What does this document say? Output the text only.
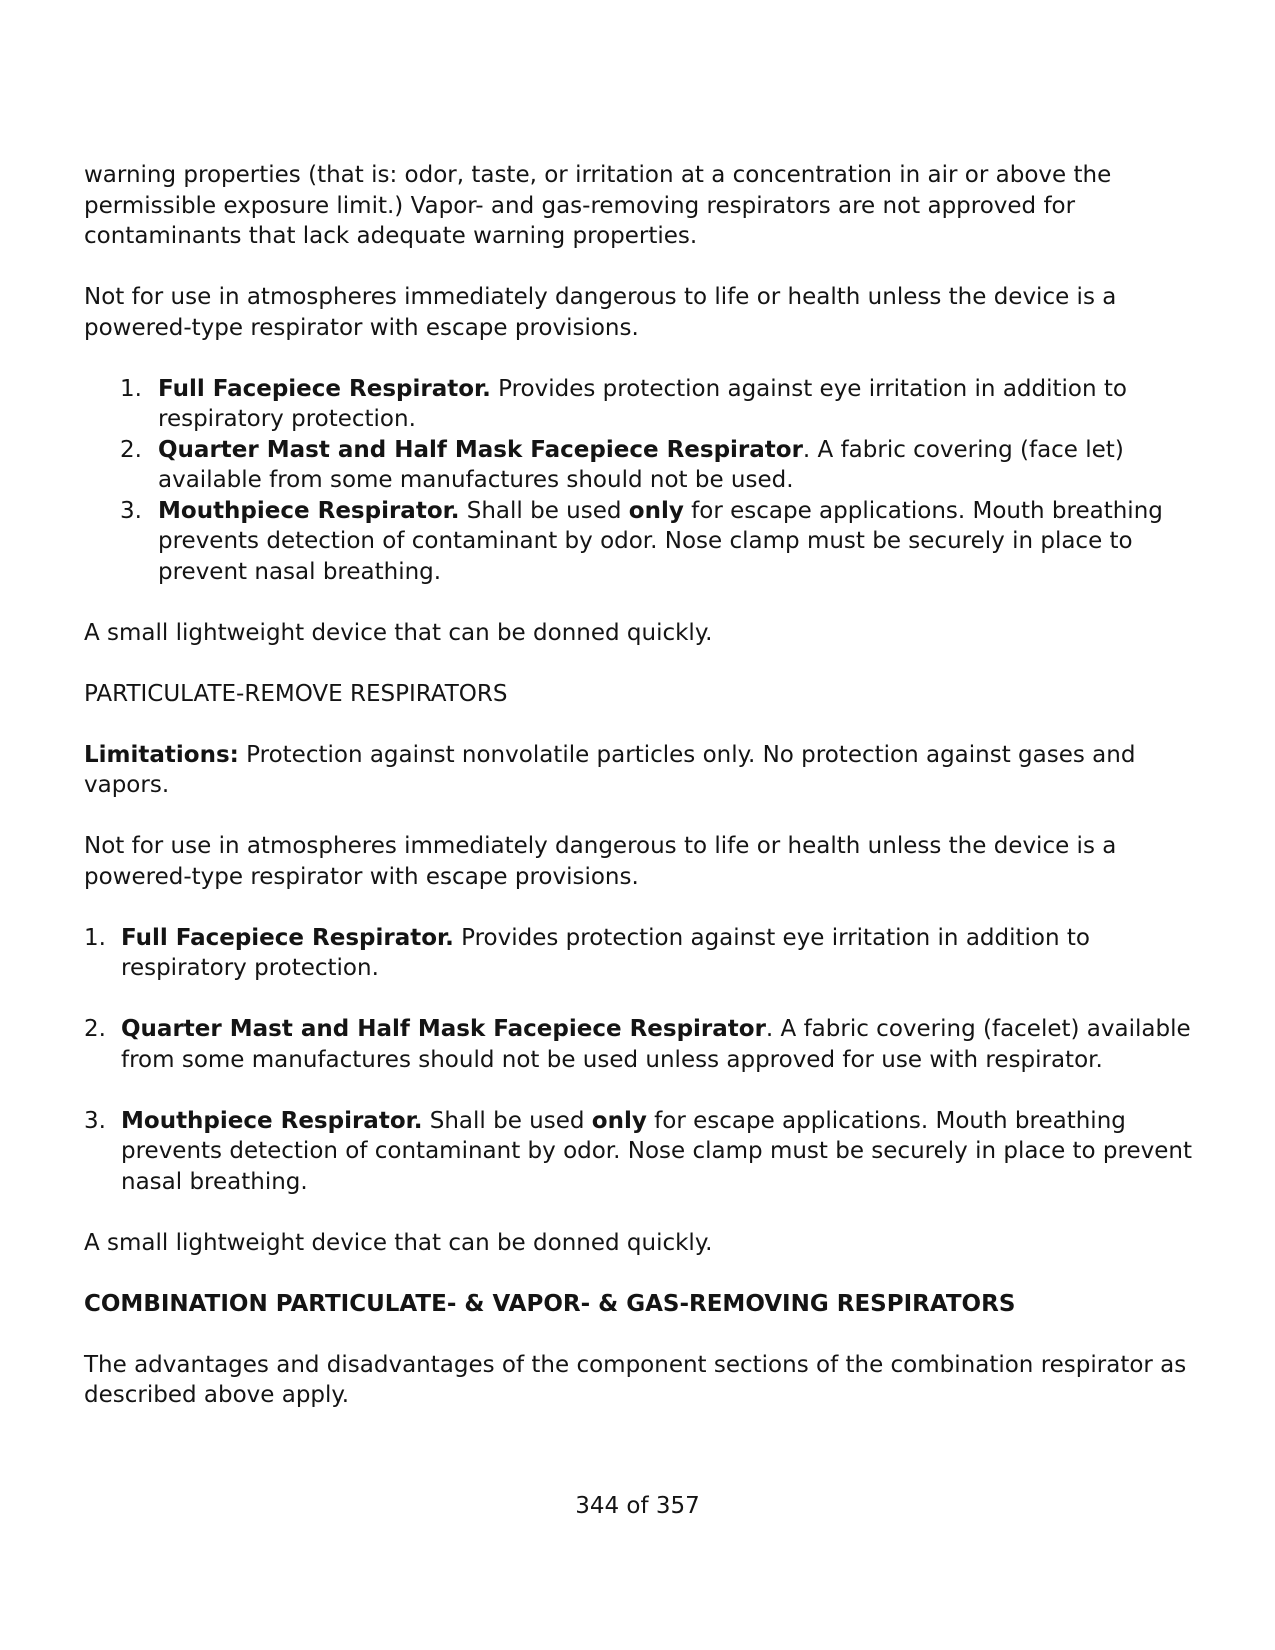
warning properties (that is: odor, taste, or irritation at a concentration in air or above the permissible exposure limit.) Vapor- and gas-removing respirators are not approved for contaminants that lack adequate warning properties.

Not for use in atmospheres immediately dangerous to life or health unless the device is a powered-type respirator with escape provisions.

1. Full Facepiece Respirator. Provides protection against eye irritation in addition to respiratory protection.
2. Quarter Mast and Half Mask Facepiece Respirator. A fabric covering (face let) available from some manufactures should not be used.
3. Mouthpiece Respirator. Shall be used only for escape applications. Mouth breathing prevents detection of contaminant by odor. Nose clamp must be securely in place to prevent nasal breathing.

A small lightweight device that can be donned quickly.

PARTICULATE-REMOVE RESPIRATORS

Limitations: Protection against nonvolatile particles only. No protection against gases and vapors.

Not for use in atmospheres immediately dangerous to life or health unless the device is a powered-type respirator with escape provisions.

1. Full Facepiece Respirator. Provides protection against eye irritation in addition to respiratory protection.
2. Quarter Mast and Half Mask Facepiece Respirator. A fabric covering (facelet) available from some manufactures should not be used unless approved for use with respirator.
3. Mouthpiece Respirator. Shall be used only for escape applications. Mouth breathing prevents detection of contaminant by odor. Nose clamp must be securely in place to prevent nasal breathing.

A small lightweight device that can be donned quickly.

COMBINATION PARTICULATE- & VAPOR- & GAS-REMOVING RESPIRATORS

The advantages and disadvantages of the component sections of the combination respirator as described above apply.

344 of 357
